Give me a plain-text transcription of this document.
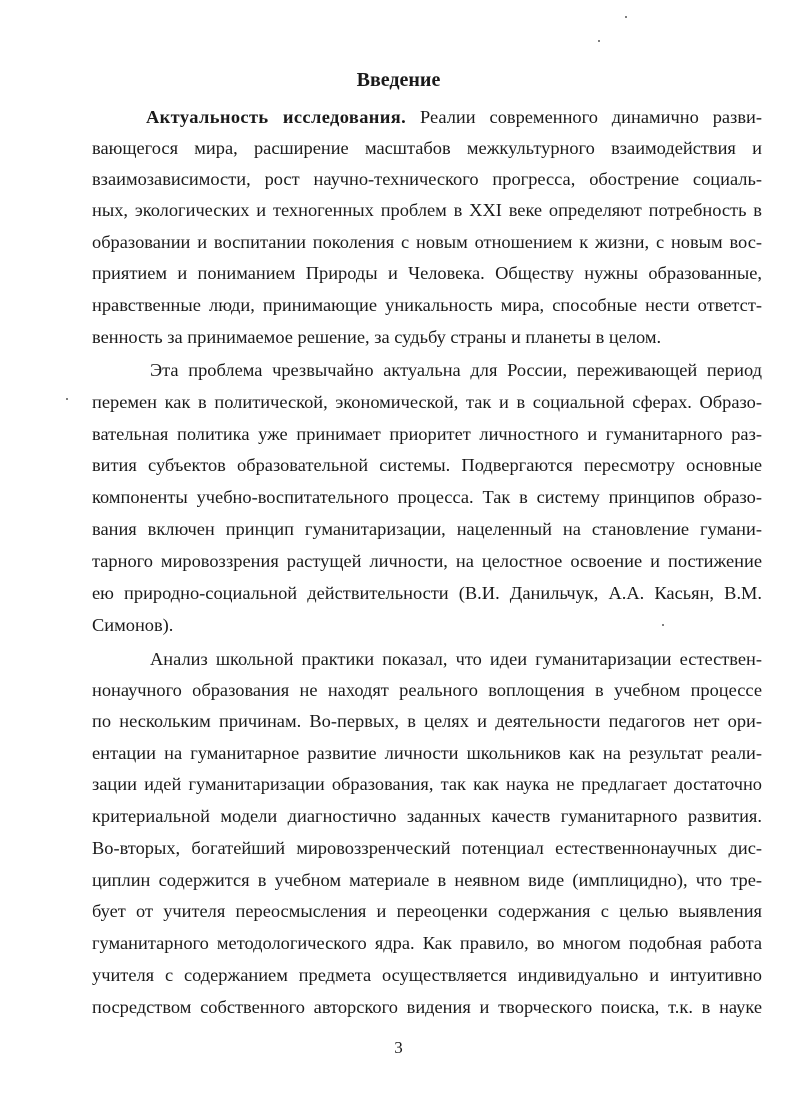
Введение
Актуальность исследования. Реалии современного динамично разви-
вающегося мира, расширение масштабов межкультурного взаимодействия и
взаимозависимости, рост научно-технического прогресса, обострение социаль-
ных, экологических и техногенных проблем в XXI веке определяют потребность в
образовании и воспитании поколения с новым отношением к жизни, с новым вос-
приятием и пониманием Природы и Человека. Обществу нужны образованные,
нравственные люди, принимающие уникальность мира, способные нести ответст-
венность за принимаемое решение, за судьбу страны и планеты в целом.
Эта проблема чрезвычайно актуальна для России, переживающей период
перемен как в политической, экономической, так и в социальной сферах. Образо-
вательная политика уже принимает приоритет личностного и гуманитарного раз-
вития субъектов образовательной системы. Подвергаются пересмотру основные
компоненты учебно-воспитательного процесса. Так в систему принципов образо-
вания включен принцип гуманитаризации, нацеленный на становление гумани-
тарного мировоззрения растущей личности, на целостное освоение и постижение
ею природно-социальной действительности (В.И. Данильчук, А.А. Касьян, В.М.
Симонов).
Анализ школьной практики показал, что идеи гуманитаризации естествен-
нонаучного образования не находят реального воплощения в учебном процессе
по нескольким причинам. Во-первых, в целях и деятельности педагогов нет ори-
ентации на гуманитарное развитие личности школьников как на результат реали-
зации идей гуманитаризации образования, так как наука не предлагает достаточно
критериальной модели диагностично заданных качеств гуманитарного развития.
Во-вторых, богатейший мировоззренческий потенциал естественнонаучных дис-
циплин содержится в учебном материале в неявном виде (имплицидно), что тре-
бует от учителя переосмысления и переоценки содержания с целью выявления
гуманитарного методологического ядра. Как правило, во многом подобная работа
учителя с содержанием предмета осуществляется индивидуально и интуитивно
посредством собственного авторского видения и творческого поиска, т.к. в науке
3
